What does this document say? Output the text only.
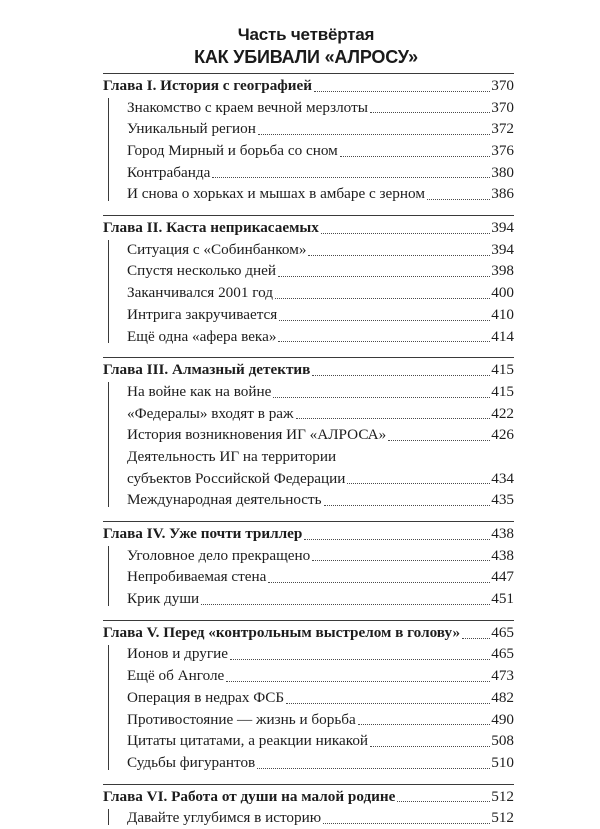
Часть четвёртая
КАК УБИВАЛИ «АЛРОСУ»
Глава I. История с географией	370
Знакомство с краем вечной мерзлоты	370
Уникальный регион	372
Город Мирный и борьба со сном	376
Контрабанда	380
И снова о хорьках и мышах в амбаре с зерном	386
Глава II. Каста неприкасаемых	394
Ситуация с «Собинбанком»	394
Спустя несколько дней	398
Заканчивался 2001 год	400
Интрига закручивается	410
Ещё одна «афера века»	414
Глава III. Алмазный детектив	415
На войне как на войне	415
«Федералы» входят в раж	422
История возникновения ИГ «АЛРОСА»	426
Деятельность ИГ на территории
субъектов Российской Федерации	434
Международная деятельность	435
Глава IV. Уже почти триллер	438
Уголовное дело прекращено	438
Непробиваемая стена	447
Крик души	451
Глава V. Перед «контрольным выстрелом в голову» 465
Ионов и другие	465
Ещё об Анголе	473
Операция в недрах ФСБ	482
Противостояние — жизнь и борьба	490
Цитаты цитатами, а реакции никакой	508
Судьбы фигурантов	510
Глава VI. Работа от души на малой родине	512
Давайте углубимся в историю	512
